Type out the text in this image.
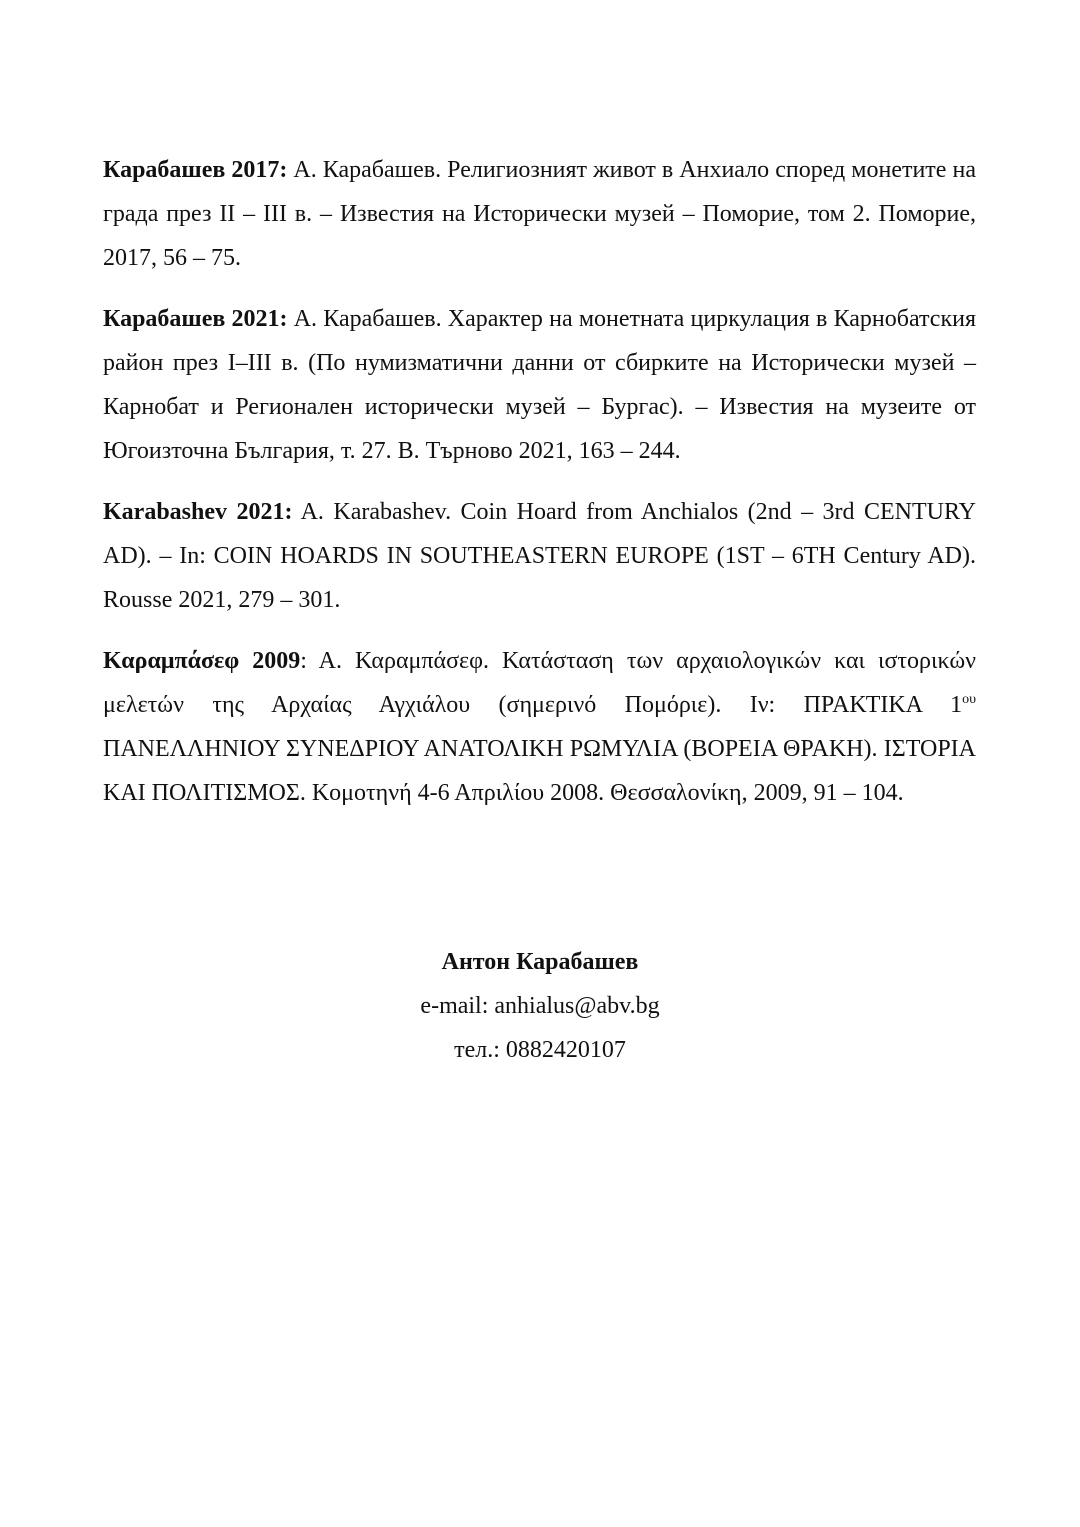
Карабашев 2017: А. Карабашев. Религиозният живот в Анхиало според монетите на града през II – III в. – Известия на Исторически музей – Поморие, том 2. Поморие, 2017, 56 – 75.

Карабашев 2021: А. Карабашев. Характер на монетната циркулация в Карнобатския район през I–III в. (По нумизматични данни от сбирките на Исторически музей – Карнобат и Регионален исторически музей – Бургас). – Известия на музеите от Югоизточна България, т. 27. В. Търново 2021, 163 – 244.

Karabashev 2021: A. Karabashev. Coin Hoard from Anchialos (2nd – 3rd CENTURY AD). – In: COIN HOARDS IN SOUTHEASTERN EUROPE (1ST – 6TH Century AD). Rousse 2021, 279 – 301.

Καραμπάσεφ 2009: Α. Καραμπάσεφ. Κατάσταση των αρχαιολογικών και ιστορικών μελετών της Αρχαίας Αγχιάλου (σημερινό Πομόριε). Ιν: ΠΡΑΚΤΙΚΑ $1^{o\upsilon}$ ΠΑΝΕΛΛΗΝΙΟΥ ΣΥΝΕΔΡΙΟΥ ΑΝΑΤΟΛΙΚΗ ΡΩΜΥΛΙΑ (ΒΟΡΕΙΑ ΘΡΑΚΗ). ΙΣΤΟΡΙΑ ΚΑΙ ΠΟΛΙΤΙΣΜΟΣ. Κομοτηνή 4-6 Απριλίου 2008. Θεσσαλονίκη, 2009, 91 – 104.

Антон Карабашев
e-mail: anhialus@abv.bg
тел.: 0882420107
